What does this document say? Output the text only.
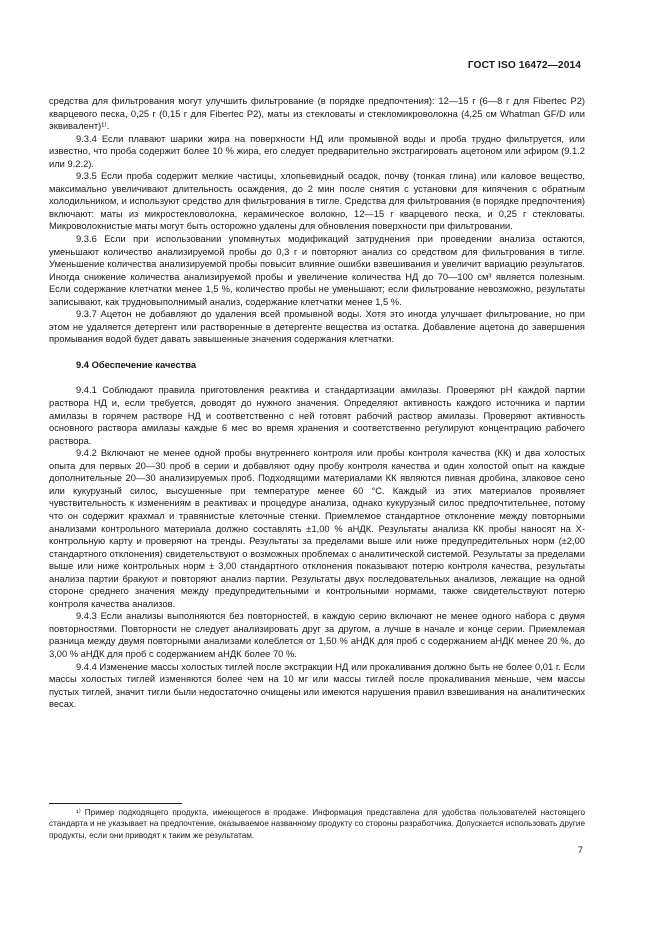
ГОСТ ISO 16472—2014

средства для фильтрования могут улучшить фильтрование (в порядке предпочтения): 12—15 г (6—8 г для Fibertec P2) кварцевого песка, 0,25 г (0,15 г для Fibertec P2), маты из стекловаты и стекломикроволокна (4,25 см Whatman GF/D или эквивалент)¹⁾.

9.3.4 Если плавают шарики жира на поверхности НД или промывной воды и проба трудно фильтруется, или известно, что проба содержит более 10 % жира, его следует предварительно экстрагировать ацетоном или эфиром (9.1.2 или 9.2.2).

9.3.5 Если проба содержит мелкие частицы, хлопьевидный осадок, почву (тонкая глина) или каловое вещество, максимально увеличивают длительность осаждения, до 2 мин после снятия с установки для кипячения с обратным холодильником, и используют средство для фильтрования в тигле. Средства для фильтрования (в порядке предпочтения) включают: маты из микростекловолокна, керамическое волокно, 12—15 г кварцевого песка, и 0,25 г стекловаты. Микроволокнистые маты могут быть осторожно удалены для обновления поверхности при фильтровании.

9.3.6 Если при использовании упомянутых модификаций затруднения при проведении анализа остаются, уменьшают количество анализируемой пробы до 0,3 г и повторяют анализ со средством для фильтрования в тигле. Уменьшение количества анализируемой пробы повысит влияние ошибки взвешивания и увеличит вариацию результатов. Иногда снижение количества анализируемой пробы и увеличение количества НД до 70—100 см³ является полезным. Если содержание клетчатки менее 1,5 %, количество пробы не уменьшают; если фильтрование невозможно, результаты записывают, как трудновыполнимый анализ, содержание клетчатки менее 1,5 %.

9.3.7 Ацетон не добавляют до удаления всей промывной воды. Хотя это иногда улучшает фильтрование, но при этом не удаляется детергент или растворенные в детергенте вещества из остатка. Добавление ацетона до завершения промывания водой будет давать завышенные значения содержания клетчатки.

9.4 Обеспечение качества

9.4.1 Соблюдают правила приготовления реактива и стандартизации амилазы. Проверяют pH каждой партии раствора НД и, если требуется, доводят до нужного значения. Определяют активность каждого источника и партии амилазы в горячем растворе НД и соответственно с ней готовят рабочий раствор амилазы. Проверяют активность основного раствора амилазы каждые 6 мес во время хранения и соответственно регулируют концентрацию рабочего раствора.

9.4.2 Включают не менее одной пробы внутреннего контроля или пробы контроля качества (КК) и два холостых опыта для первых 20—30 проб в серии и добавляют одну пробу контроля качества и один холостой опыт на каждые дополнительные 20—30 анализируемых проб. Подходящими материалами КК являются пивная дробина, злаковое сено или кукурузный силос, высушенные при температуре менее 60 °С. Каждый из этих материалов проявляет чувствительность к изменениям в реактивах и процедуре анализа, однако кукурузный силос предпочтительнее, потому что он содержит крахмал и травянистые клеточные стенки. Приемлемое стандартное отклонение между повторными анализами контрольного материала должно составлять ±1,00 % аНДК. Результаты анализа КК пробы наносят на Х-контрольную карту и проверяют на тренды. Результаты за пределами выше или ниже предупредительных норм (±2,00 стандартного отклонения) свидетельствуют о возможных проблемах с аналитической системой. Результаты за пределами выше или ниже контрольных норм ± 3,00 стандартного отклонения показывают потерю контроля качества, результаты анализа партии бракуют и повторяют анализ партии. Результаты двух последовательных анализов, лежащие на одной стороне среднего значения между предупредительными и контрольными нормами, также свидетельствуют потерю контроля качества анализов.

9.4.3 Если анализы выполняются без повторностей, в каждую серию включают не менее одного набора с двумя повторностями. Повторности не следует анализировать друг за другом, а лучше в начале и конце серии. Приемлемая разница между двумя повторными анализами колеблется от 1,50 % аНДК для проб с содержанием аНДК менее 20 %, до 3,00 % аНДК для проб с содержанием аНДК более 70 %.

9.4.4 Изменение массы холостых тиглей после экстракции НД или прокаливания должно быть не более 0,01 г. Если массы холостых тиглей изменяются более чем на 10 мг или массы тиглей после прокаливания меньше, чем массы пустых тиглей, значит тигли были недостаточно очищены или имеются нарушения правил взвешивания на аналитических весах.

¹⁾ Пример подходящего продукта, имеющегося в продаже. Информация представлена для удобства пользователей настоящего стандарта и не указывает на предпочтение, оказываемое названному продукту со стороны разработчика. Допускается использовать другие продукты, если они приводят к таким же результатам.

7
